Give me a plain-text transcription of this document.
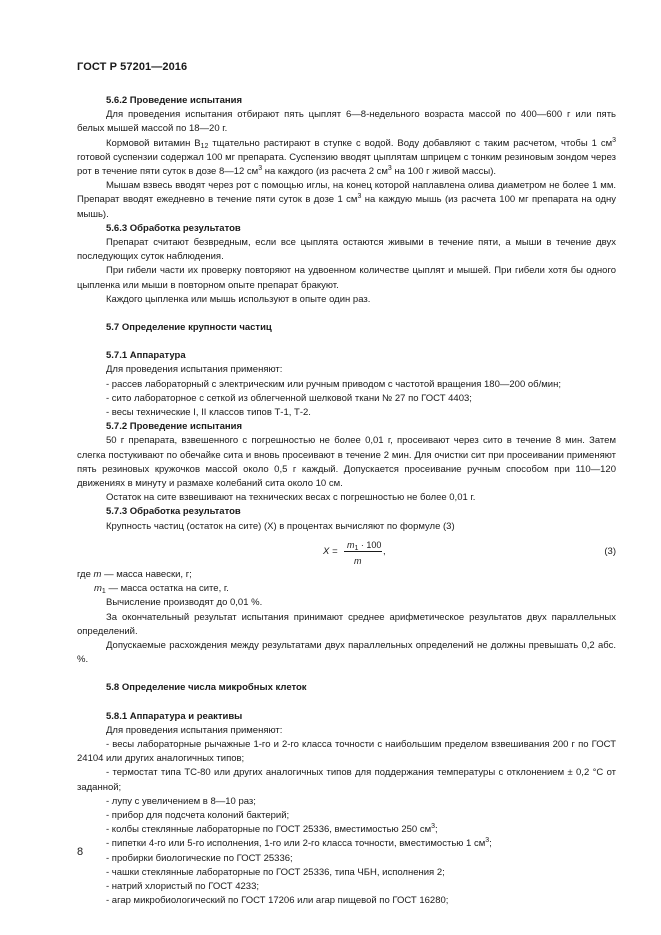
ГОСТ Р 57201—2016

5.6.2 Проведение испытания

Для проведения испытания отбирают пять цыплят 6—8-недельного возраста массой по 400—600 г или пять белых мышей массой по 18—20 г.

Кормовой витамин $B_{12}$ тщательно растирают в ступке с водой. Воду добавляют с таким расчетом, чтобы 1 $см^3$ готовой суспензии содержал 100 мг препарата. Суспензию вводят цыплятам шприцем с тонким резиновым зондом через рот в течение пяти суток в дозе 8—12 $см^3$ на каждого (из расчета 2 $см^3$ на 100 г живой массы).

Мышам взвесь вводят через рот с помощью иглы, на конец которой наплавлена олива диаметром не более 1 мм. Препарат вводят ежедневно в течение пяти суток в дозе 1 $см^3$ на каждую мышь (из расчета 100 мг препарата на одну мышь).

5.6.3 Обработка результатов

Препарат считают безвредным, если все цыплята остаются живыми в течение пяти, а мыши в течение двух последующих суток наблюдения.

При гибели части их проверку повторяют на удвоенном количестве цыплят и мышей. При гибели хотя бы одного цыпленка или мыши в повторном опыте препарат бракуют.

Каждого цыпленка или мышь используют в опыте один раз.

5.7 Определение крупности частиц

5.7.1 Аппаратура

Для проведения испытания применяют:

- рассев лабораторный с электрическим или ручным приводом с частотой вращения 180—200 об/мин;

- сито лабораторное с сеткой из облегченной шелковой ткани № 27 по ГОСТ 4403;

- весы технические I, II классов типов Т-1, Т-2.

5.7.2 Проведение испытания

50 г препарата, взвешенного с погрешностью не более 0,01 г, просеивают через сито в течение 8 мин. Затем слегка постукивают по обечайке сита и вновь просеивают в течение 2 мин. Для очистки сит при просеивании применяют пять резиновых кружочков массой около 0,5 г каждый. Допускается просеивание ручным способом при 110—120 движениях в минуту и размахе колебаний сита около 10 см.

Остаток на сите взвешивают на технических весах с погрешностью не более 0,01 г.

5.7.3 Обработка результатов

Крупность частиц (остаток на сите) (X) в процентах вычисляют по формуле (3)

X =
$m_1 \cdot 100$
m
,	(3)

где m — масса навески, г;

$m_1$ — масса остатка на сите, г.

Вычисление производят до 0,01 %.

За окончательный результат испытания принимают среднее арифметическое результатов двух параллельных определений.

Допускаемые расхождения между результатами двух параллельных определений не должны превышать 0,2 абс. %.

5.8 Определение числа микробных клеток

5.8.1 Аппаратура и реактивы

Для проведения испытания применяют:

- весы лабораторные рычажные 1-го и 2-го класса точности с наибольшим пределом взвешивания 200 г по ГОСТ 24104 или других аналогичных типов;

- термостат типа ТС-80 или других аналогичных типов для поддержания температуры с отклонением ± 0,2 °С от заданной;

- лупу с увеличением в 8—10 раз;

- прибор для подсчета колоний бактерий;

- колбы стеклянные лабораторные по ГОСТ 25336, вместимостью 250 $см^3$;

- пипетки 4-го или 5-го исполнения, 1-го или 2-го класса точности, вместимостью 1 $см^3$;

- пробирки биологические по ГОСТ 25336;

- чашки стеклянные лабораторные по ГОСТ 25336, типа ЧБН, исполнения 2;

- натрий хлористый по ГОСТ 4233;

- агар микробиологический по ГОСТ 17206 или агар пищевой по ГОСТ 16280;

8
